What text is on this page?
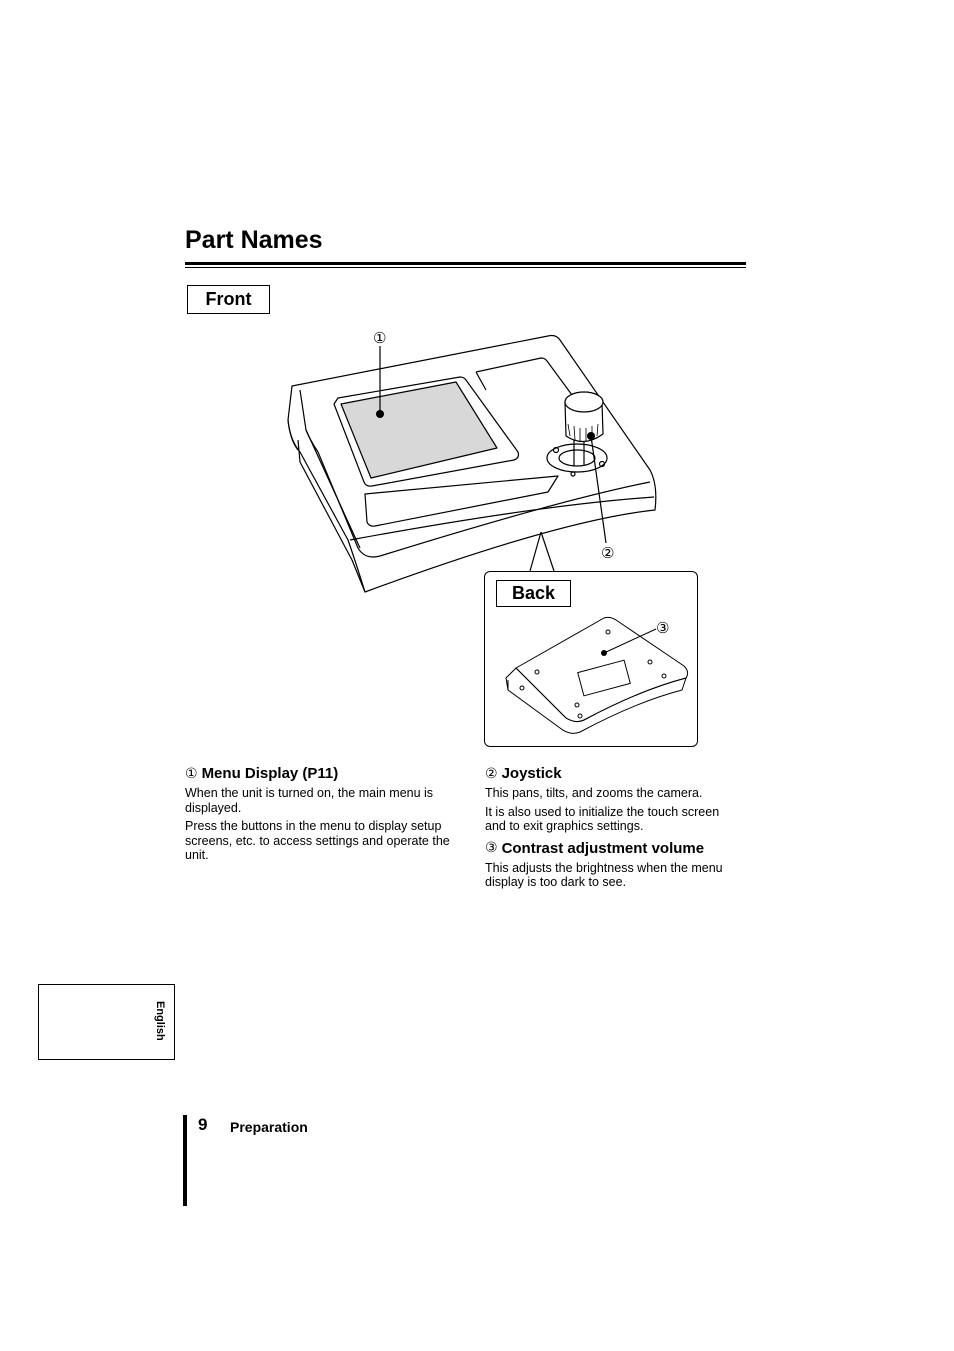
Part Names
Front
Back
①
②
③

① Menu Display (P11)

When the unit is turned on, the main menu is displayed.

Press the buttons in the menu to display setup screens, etc. to access settings and operate the unit.

② Joystick

This pans, tilts, and zooms the camera.

It is also used to initialize the touch screen and to exit graphics settings.

③ Contrast adjustment volume

This adjusts the brightness when the menu display is too dark to see.

English
9 Preparation
